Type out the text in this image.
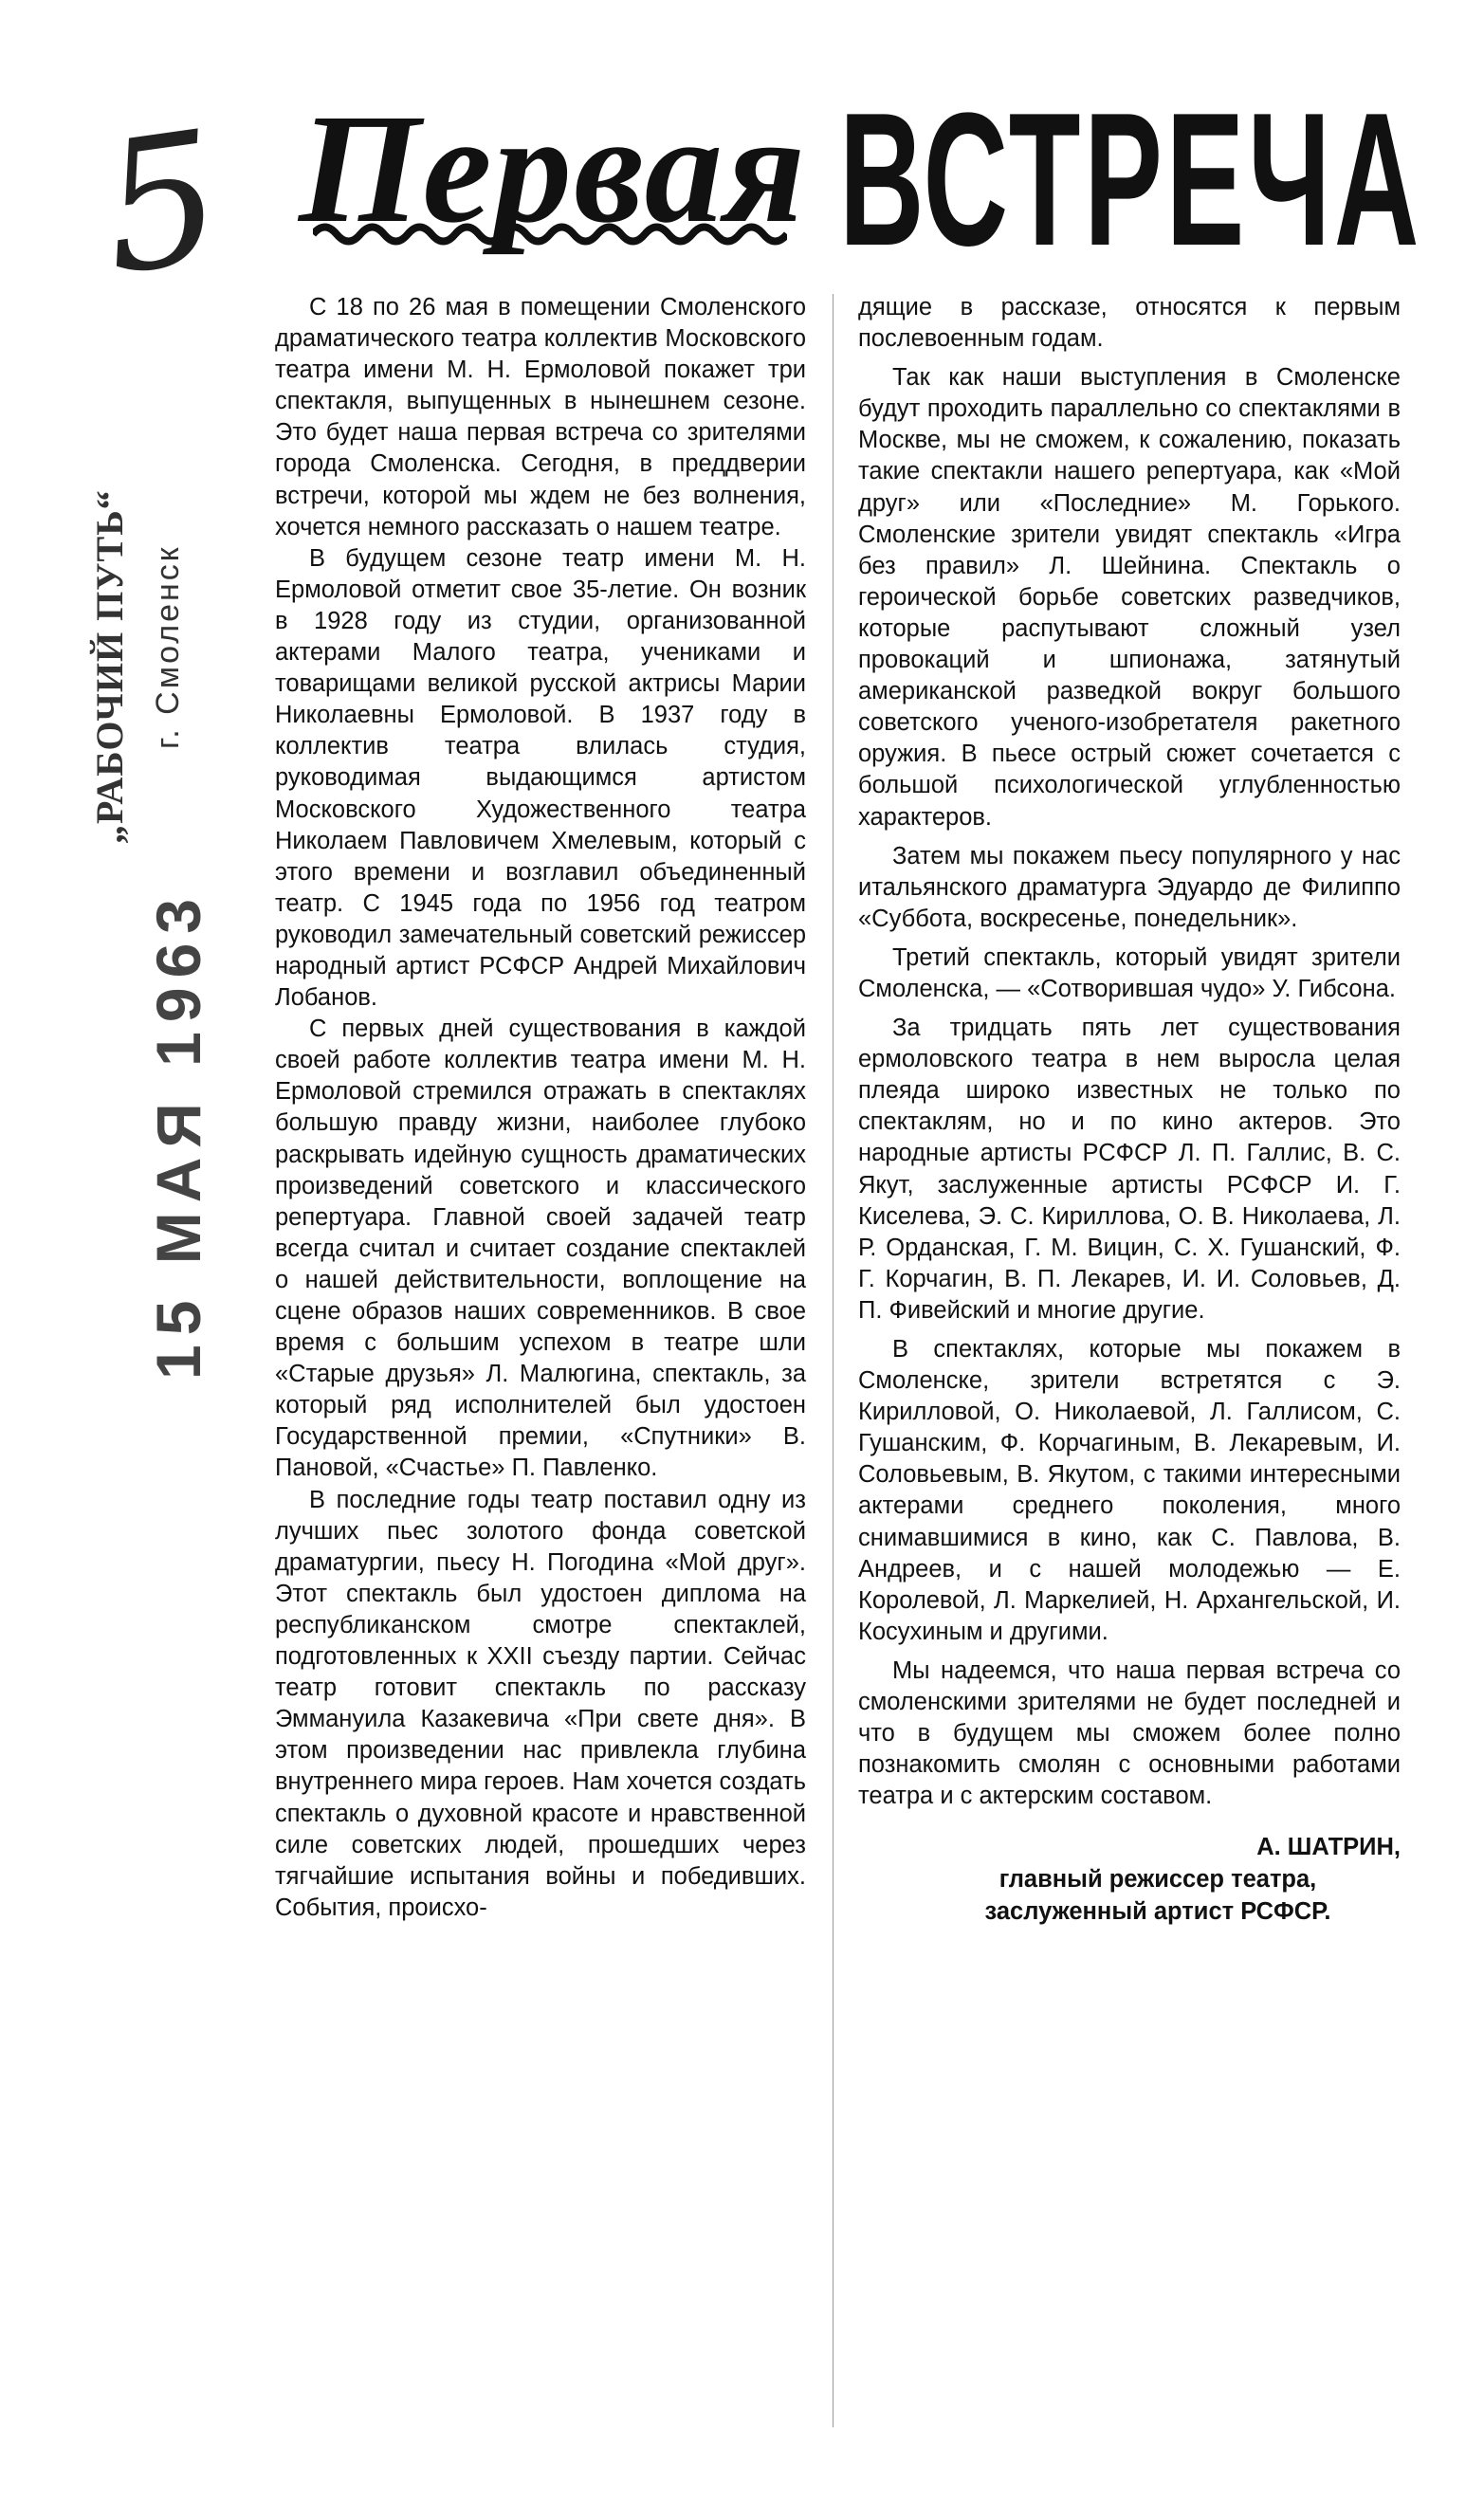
5
„РАБОЧИЙ ПУТЬ“ г. Смоленск
15 МАЯ 1963
Первая ВСТРЕЧА

С 18 по 26 мая в помещении Смоленского драматического театра коллектив Московского театра имени М. Н. Ермоловой покажет три спектакля, выпущенных в нынешнем сезоне. Это будет наша первая встреча со зрителями города Смоленска. Сегодня, в преддверии встречи, которой мы ждем не без волнения, хочется немного рассказать о нашем театре.

В будущем сезоне театр имени М. Н. Ермоловой отметит свое 35-летие. Он возник в 1928 году из студии, организованной актерами Малого театра, учениками и товарищами великой русской актрисы Марии Николаевны Ермоловой. В 1937 году в коллектив театра влилась студия, руководимая выдающимся артистом Московского Художественного театра Николаем Павловичем Хмелевым, который с этого времени и возглавил объединенный театр. С 1945 года по 1956 год театром руководил замечательный советский режиссер народный артист РСФСР Андрей Михайлович Лобанов.

С первых дней существования в каждой своей работе коллектив театра имени М. Н. Ермоловой стремился отражать в спектаклях большую правду жизни, наиболее глубоко раскрывать идейную сущность драматических произведений советского и классического репертуара. Главной своей задачей театр всегда считал и считает создание спектаклей о нашей действительности, воплощение на сцене образов наших современников. В свое время с большим успехом в театре шли «Старые друзья» Л. Малюгина, спектакль, за который ряд исполнителей был удостоен Государственной премии, «Спутники» В. Пановой, «Счастье» П. Павленко.

В последние годы театр поставил одну из лучших пьес золотого фонда советской драматургии, пьесу Н. Погодина «Мой друг». Этот спектакль был удостоен диплома на республиканском смотре спектаклей, подготовленных к XXII съезду партии. Сейчас театр готовит спектакль по рассказу Эммануила Казакевича «При свете дня». В этом произведении нас привлекла глубина внутреннего мира героев. Нам хочется создать спектакль о духовной красоте и нравственной силе советских людей, прошедших через тягчайшие испытания войны и победивших. События, происхо-

дящие в рассказе, относятся к первым послевоенным годам.

Так как наши выступления в Смоленске будут проходить параллельно со спектаклями в Москве, мы не сможем, к сожалению, показать такие спектакли нашего репертуара, как «Мой друг» или «Последние» М. Горького. Смоленские зрители увидят спектакль «Игра без правил» Л. Шейнина. Спектакль о героической борьбе советских разведчиков, которые распутывают сложный узел провокаций и шпионажа, затянутый американской разведкой вокруг большого советского ученого-изобретателя ракетного оружия. В пьесе острый сюжет сочетается с большой психологической углубленностью характеров.

Затем мы покажем пьесу популярного у нас итальянского драматурга Эдуардо де Филиппо «Суббота, воскресенье, понедельник».

Третий спектакль, который увидят зрители Смоленска, — «Сотворившая чудо» У. Гибсона.

За тридцать пять лет существования ермоловского театра в нем выросла целая плеяда широко известных не только по спектаклям, но и по кино актеров. Это народные артисты РСФСР Л. П. Галлис, В. С. Якут, заслуженные артисты РСФСР И. Г. Киселева, Э. С. Кириллова, О. В. Николаева, Л. Р. Орданская, Г. М. Вицин, С. Х. Гушанский, Ф. Г. Корчагин, В. П. Лекарев, И. И. Соловьев, Д. П. Фивейский и многие другие.

В спектаклях, которые мы покажем в Смоленске, зрители встретятся с Э. Кирилловой, О. Николаевой, Л. Галлисом, С. Гушанским, Ф. Корчагиным, В. Лекаревым, И. Соловьевым, В. Якутом, с такими интересными актерами среднего поколения, много снимавшимися в кино, как С. Павлова, В. Андреев, и с нашей молодежью — Е. Королевой, Л. Маркелией, Н. Архангельской, И. Косухиным и другими.

Мы надеемся, что наша первая встреча со смоленскими зрителями не будет последней и что в будущем мы сможем более полно познакомить смолян с основными работами театра и с актерским составом.

А. ШАТРИН,
главный режиссер театра,
заслуженный артист РСФСР.
